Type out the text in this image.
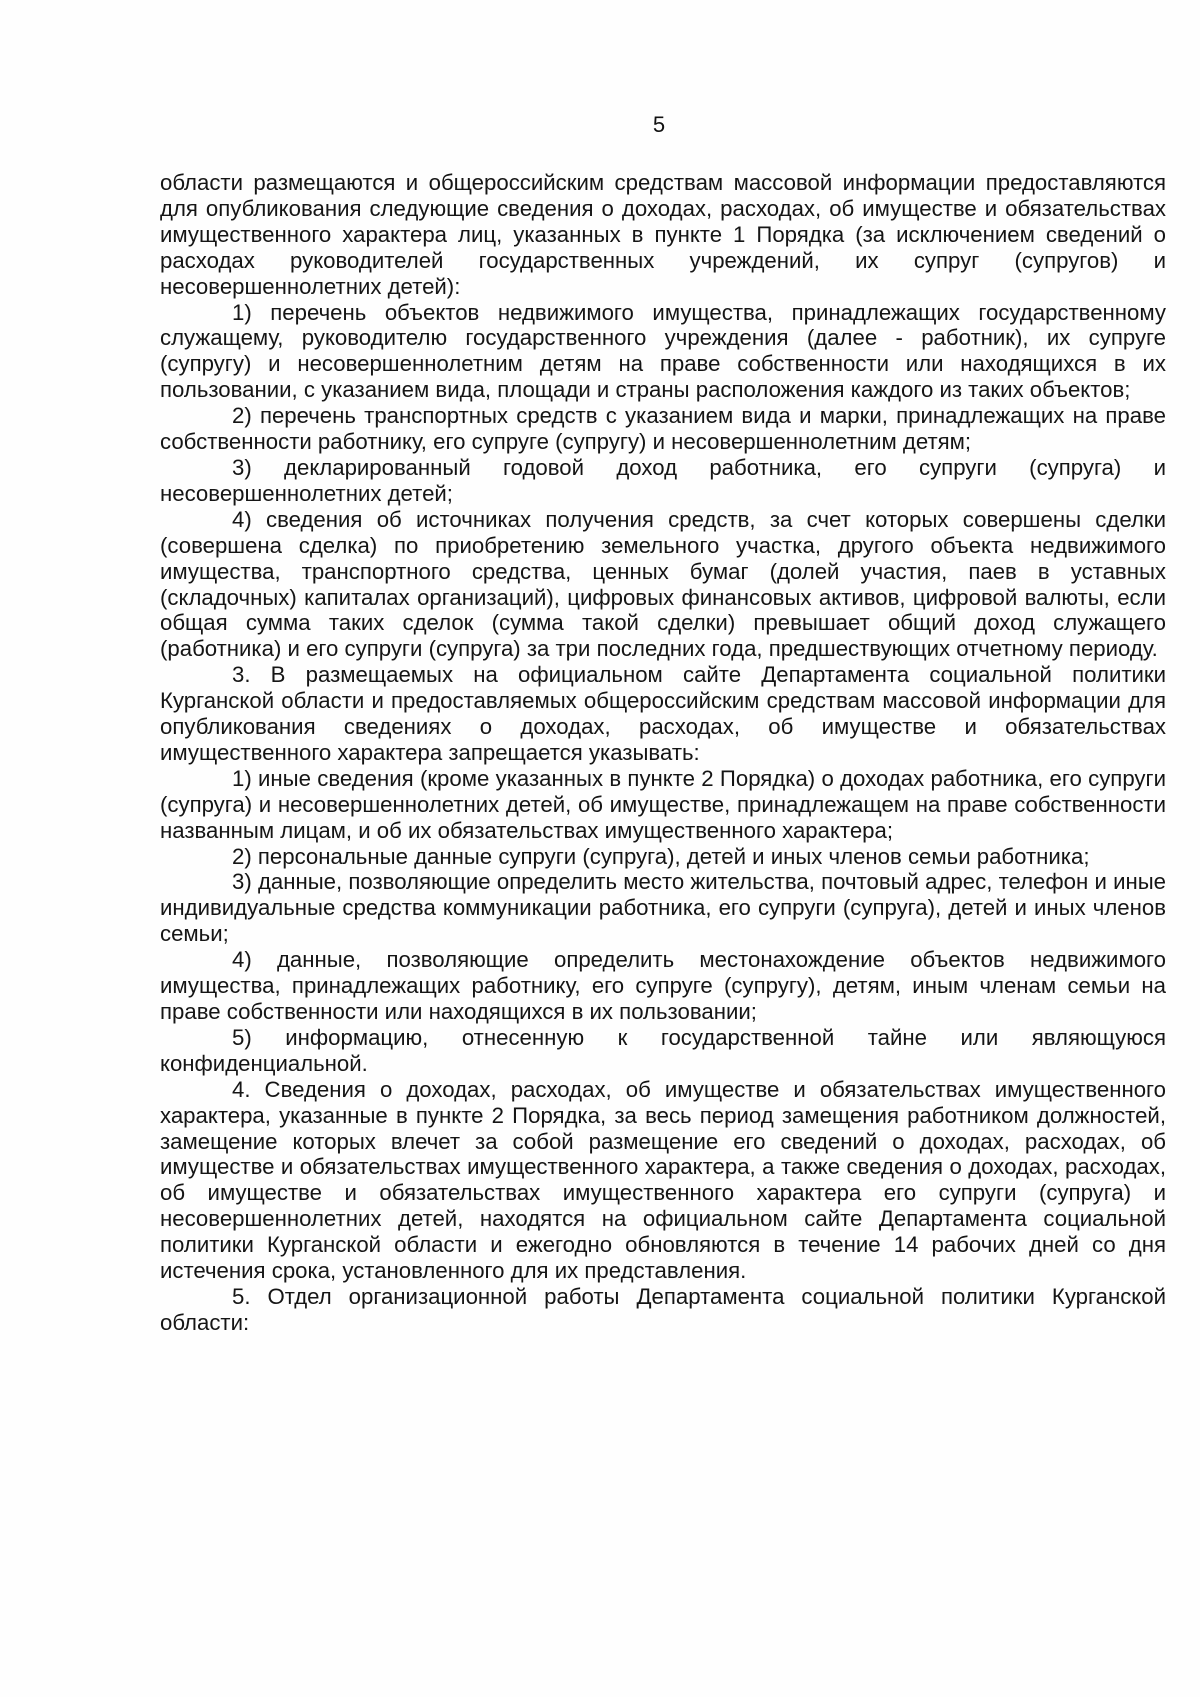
5

области размещаются и общероссийским средствам массовой информации предоставляются для опубликования следующие сведения о доходах, расходах, об имуществе и обязательствах имущественного характера лиц, указанных в пункте 1 Порядка (за исключением сведений о расходах руководителей государственных учреждений, их супруг (супругов) и несовершеннолетних детей):

1) перечень объектов недвижимого имущества, принадлежащих государственному служащему, руководителю государственного учреждения (далее - работник), их супруге (супругу) и несовершеннолетним детям на праве собственности или находящихся в их пользовании, с указанием вида, площади и страны расположения каждого из таких объектов;

2) перечень транспортных средств с указанием вида и марки, принадлежащих на праве собственности работнику, его супруге (супругу) и несовершеннолетним детям;

3) декларированный годовой доход работника, его супруги (супруга) и несовершеннолетних детей;

4) сведения об источниках получения средств, за счет которых совершены сделки (совершена сделка) по приобретению земельного участка, другого объекта недвижимого имущества, транспортного средства, ценных бумаг (долей участия, паев в уставных (складочных) капиталах организаций), цифровых финансовых активов, цифровой валюты, если общая сумма таких сделок (сумма такой сделки) превышает общий доход служащего (работника) и его супруги (супруга) за три последних года, предшествующих отчетному периоду.

3. В размещаемых на официальном сайте Департамента социальной политики Курганской области и предоставляемых общероссийским средствам массовой информации для опубликования сведениях о доходах, расходах, об имуществе и обязательствах имущественного характера запрещается указывать:

1) иные сведения (кроме указанных в пункте 2 Порядка) о доходах работника, его супруги (супруга) и несовершеннолетних детей, об имуществе, принадлежащем на праве собственности названным лицам, и об их обязательствах имущественного характера;

2) персональные данные супруги (супруга), детей и иных членов семьи работника;

3) данные, позволяющие определить место жительства, почтовый адрес, телефон и иные индивидуальные средства коммуникации работника, его супруги (супруга), детей и иных членов семьи;

4) данные, позволяющие определить местонахождение объектов недвижимого имущества, принадлежащих работнику, его супруге (супругу), детям, иным членам семьи на праве собственности или находящихся в их пользовании;

5) информацию, отнесенную к государственной тайне или являющуюся конфиденциальной.

4. Сведения о доходах, расходах, об имуществе и обязательствах имущественного характера, указанные в пункте 2 Порядка, за весь период замещения работником должностей, замещение которых влечет за собой размещение его сведений о доходах, расходах, об имуществе и обязательствах имущественного характера, а также сведения о доходах, расходах, об имуществе и обязательствах имущественного характера его супруги (супруга) и несовершеннолетних детей, находятся на официальном сайте Департамента социальной политики Курганской области и ежегодно обновляются в течение 14 рабочих дней со дня истечения срока, установленного для их представления.

5. Отдел организационной работы Департамента социальной политики Курганской области:
